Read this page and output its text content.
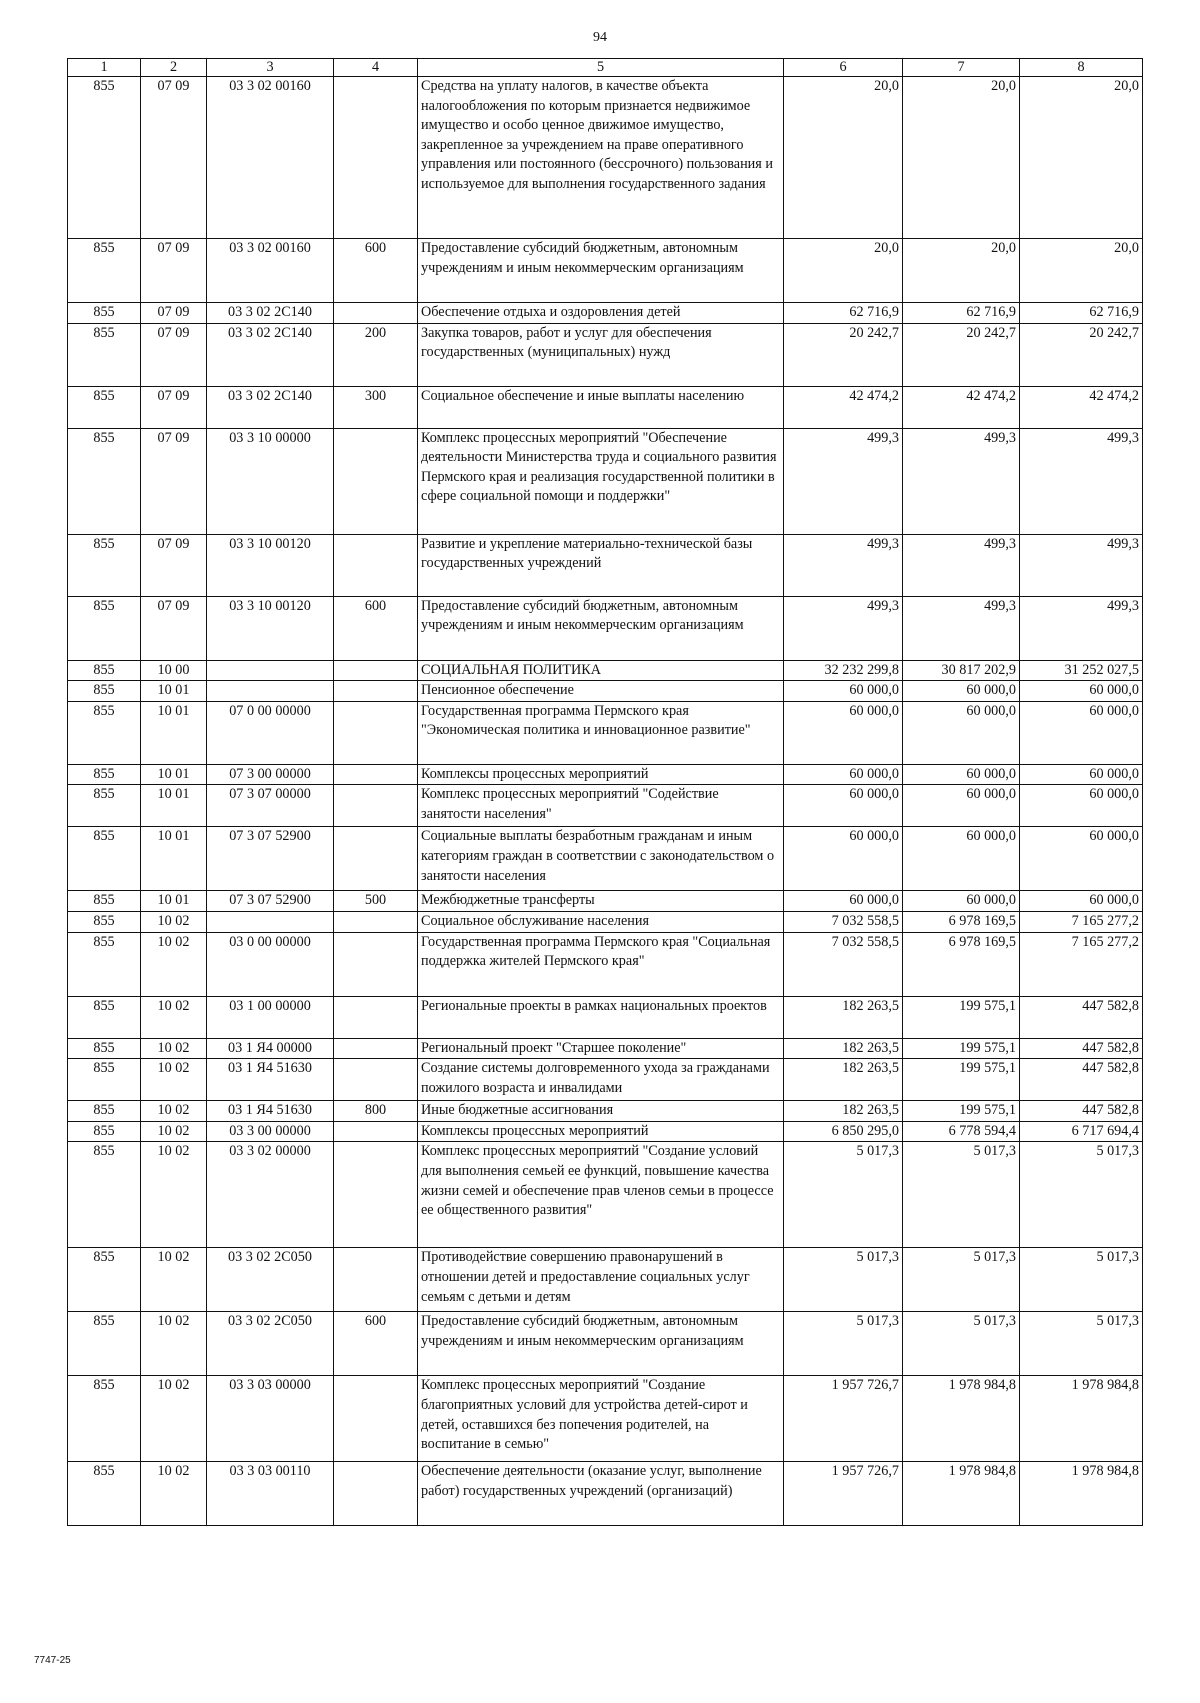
94
1	2	3	4	5	6	7	8
855	07 09	03 3 02 00160		Средства на уплату налогов, в качестве объекта налогообложения по которым признается недвижимое имущество и особо ценное движимое имущество, закрепленное за учреждением на праве оперативного управления или постоянного (бессрочного) пользования и используемое для выполнения государственного задания	20,0	20,0	20,0
855	07 09	03 3 02 00160	600	Предоставление субсидий бюджетным, автономным учреждениям и иным некоммерческим организациям	20,0	20,0	20,0
855	07 09	03 3 02 2С140		Обеспечение отдыха и оздоровления детей	62 716,9	62 716,9	62 716,9
855	07 09	03 3 02 2С140	200	Закупка товаров, работ и услуг для обеспечения государственных (муниципальных) нужд	20 242,7	20 242,7	20 242,7
855	07 09	03 3 02 2С140	300	Социальное обеспечение и иные выплаты населению	42 474,2	42 474,2	42 474,2
855	07 09	03 3 10 00000		Комплекс процессных мероприятий "Обеспечение деятельности Министерства труда и социального развития Пермского края и реализация государственной политики в сфере социальной помощи и поддержки"	499,3	499,3	499,3
855	07 09	03 3 10 00120		Развитие и укрепление материально-технической базы государственных учреждений	499,3	499,3	499,3
855	07 09	03 3 10 00120	600	Предоставление субсидий бюджетным, автономным учреждениям и иным некоммерческим организациям	499,3	499,3	499,3
855	10 00			СОЦИАЛЬНАЯ ПОЛИТИКА	32 232 299,8	30 817 202,9	31 252 027,5
855	10 01			Пенсионное обеспечение	60 000,0	60 000,0	60 000,0
855	10 01	07 0 00 00000		Государственная программа Пермского края "Экономическая политика и инновационное развитие"	60 000,0	60 000,0	60 000,0
855	10 01	07 3 00 00000		Комплексы процессных мероприятий	60 000,0	60 000,0	60 000,0
855	10 01	07 3 07 00000		Комплекс процессных мероприятий "Содействие занятости населения"	60 000,0	60 000,0	60 000,0
855	10 01	07 3 07 52900		Социальные выплаты безработным гражданам и иным категориям граждан в соответствии с законодательством о занятости населения	60 000,0	60 000,0	60 000,0
855	10 01	07 3 07 52900	500	Межбюджетные трансферты	60 000,0	60 000,0	60 000,0
855	10 02			Социальное обслуживание населения	7 032 558,5	6 978 169,5	7 165 277,2
855	10 02	03 0 00 00000		Государственная программа Пермского края "Социальная поддержка жителей Пермского края"	7 032 558,5	6 978 169,5	7 165 277,2
855	10 02	03 1 00 00000		Региональные проекты в рамках национальных проектов	182 263,5	199 575,1	447 582,8
855	10 02	03 1 Я4 00000		Региональный проект "Старшее поколение"	182 263,5	199 575,1	447 582,8
855	10 02	03 1 Я4 51630		Создание системы долговременного ухода за гражданами пожилого возраста и инвалидами	182 263,5	199 575,1	447 582,8
855	10 02	03 1 Я4 51630	800	Иные бюджетные ассигнования	182 263,5	199 575,1	447 582,8
855	10 02	03 3 00 00000		Комплексы процессных мероприятий	6 850 295,0	6 778 594,4	6 717 694,4
855	10 02	03 3 02 00000		Комплекс процессных мероприятий "Создание условий для выполнения семьей ее функций, повышение качества жизни семей и обеспечение прав членов семьи в процессе ее общественного развития"	5 017,3	5 017,3	5 017,3
855	10 02	03 3 02 2С050		Противодействие совершению правонарушений в отношении детей и предоставление социальных услуг семьям с детьми и детям	5 017,3	5 017,3	5 017,3
855	10 02	03 3 02 2С050	600	Предоставление субсидий бюджетным, автономным учреждениям и иным некоммерческим организациям	5 017,3	5 017,3	5 017,3
855	10 02	03 3 03 00000		Комплекс процессных мероприятий "Создание благоприятных условий для устройства детей-сирот и детей, оставшихся без попечения родителей, на воспитание в семью"	1 957 726,7	1 978 984,8	1 978 984,8
855	10 02	03 3 03 00110		Обеспечение деятельности (оказание услуг, выполнение работ) государственных учреждений (организаций)	1 957 726,7	1 978 984,8	1 978 984,8
7747-25
